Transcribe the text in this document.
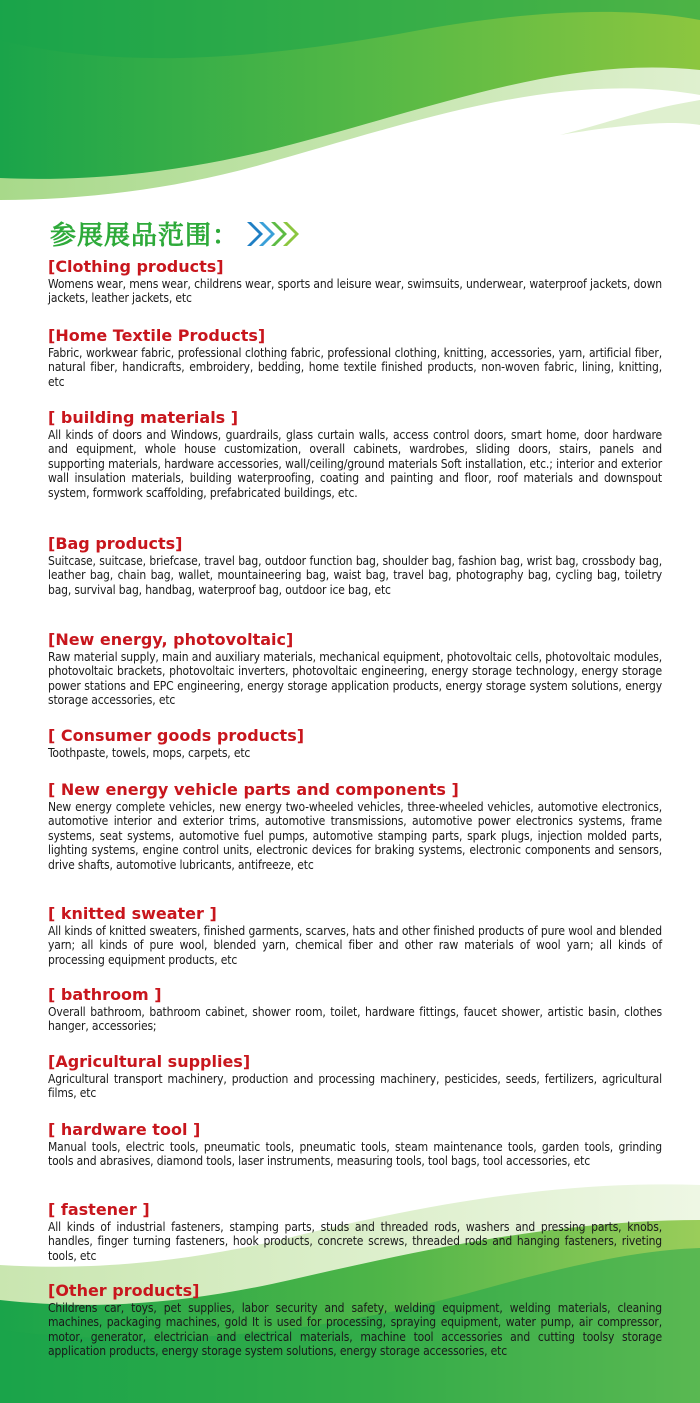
参展展品范围：
[Clothing products]

Womens wear, mens wear, childrens wear, sports and leisure wear, swimsuits, underwear, waterproof jackets, down jackets, leather jackets, etc

[Home Textile Products]

Fabric, workwear fabric, professional clothing fabric, professional clothing, knitting, accessories, yarn, artificial fiber, natural fiber, handicrafts, embroidery, bedding, home textile finished products, non-woven fabric, lining, knitting, etc

[ building materials ]

All kinds of doors and Windows, guardrails, glass curtain walls, access control doors, smart home, door hardware and equipment, whole house customization, overall cabinets, wardrobes, sliding doors, stairs, panels and supporting materials, hardware accessories, wall/ceiling/ground materials Soft installation, etc.; interior and exterior wall insulation materials, building waterproofing, coating and painting and floor, roof materials and downspout system, formwork scaffolding, prefabricated buildings, etc.

[Bag products]

Suitcase, suitcase, briefcase, travel bag, outdoor function bag, shoulder bag, fashion bag, wrist bag, crossbody bag, leather bag, chain bag, wallet, mountaineering bag, waist bag, travel bag, photography bag, cycling bag, toiletry bag, survival bag, handbag, waterproof bag, outdoor ice bag, etc

[New energy, photovoltaic]

Raw material supply, main and auxiliary materials, mechanical equipment, photovoltaic cells, photovoltaic modules, photovoltaic brackets, photovoltaic inverters, photovoltaic engineering, energy storage technology, energy storage power stations and EPC engineering, energy storage application products, energy storage system solutions, energy storage accessories, etc

[ Consumer goods products]

Toothpaste, towels, mops, carpets, etc

[ New energy vehicle parts and components ]

New energy complete vehicles, new energy two-wheeled vehicles, three-wheeled vehicles, automotive electronics, automotive interior and exterior trims, automotive transmissions, automotive power electronics systems, frame systems, seat systems, automotive fuel pumps, automotive stamping parts, spark plugs, injection molded parts, lighting systems, engine control units, electronic devices for braking systems, electronic components and sensors, drive shafts, automotive lubricants, antifreeze, etc

[ knitted sweater ]

All kinds of knitted sweaters, finished garments, scarves, hats and other finished products of pure wool and blended yarn; all kinds of pure wool, blended yarn, chemical fiber and other raw materials of wool yarn; all kinds of processing equipment products, etc

[ bathroom ]

Overall bathroom, bathroom cabinet, shower room, toilet, hardware fittings, faucet shower, artistic basin, clothes hanger, accessories;

[Agricultural supplies]

Agricultural transport machinery, production and processing machinery, pesticides, seeds, fertilizers, agricultural films, etc

[ hardware tool ]

Manual tools, electric tools, pneumatic tools, pneumatic tools, steam maintenance tools, garden tools, grinding tools and abrasives, diamond tools, laser instruments, measuring tools, tool bags, tool accessories, etc

[ fastener ]

All kinds of industrial fasteners, stamping parts, studs and threaded rods, washers and pressing parts, knobs, handles, finger turning fasteners, hook products, concrete screws, threaded rods and hanging fasteners, riveting tools, etc

[Other products]

Childrens car, toys, pet supplies, labor security and safety, welding equipment, welding materials, cleaning machines, packaging machines, gold It is used for processing, spraying equipment, water pump, air compressor, motor, generator, electrician and electrical materials, machine tool accessories and cutting toolsy storage application products, energy storage system solutions, energy storage accessories, etc
